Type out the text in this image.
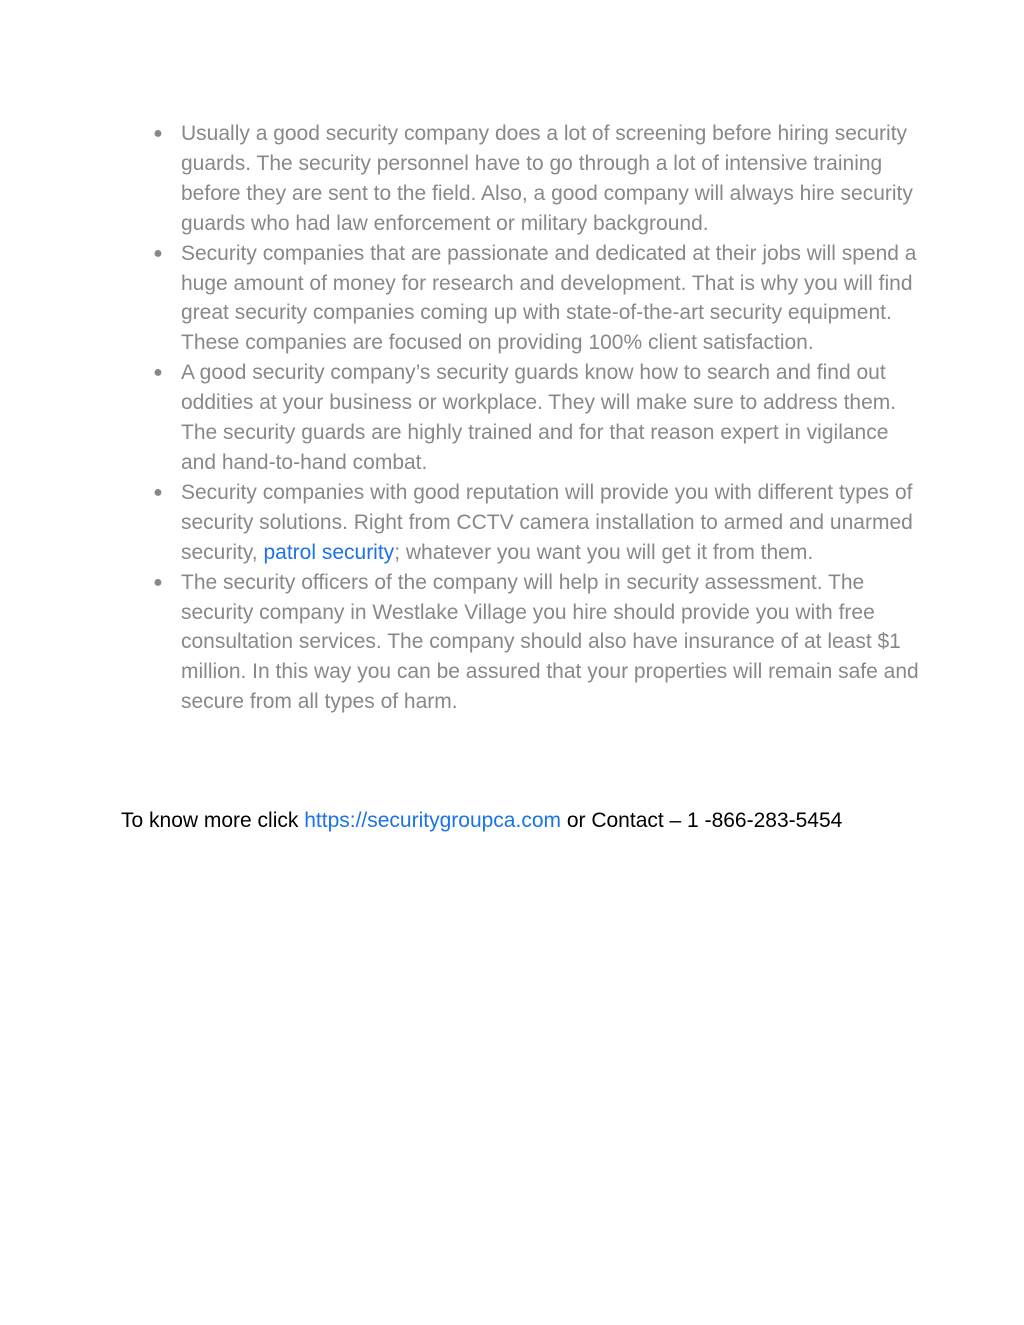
● Usually a good security company does a lot of screening before hiring security guards. The security personnel have to go through a lot of intensive training before they are sent to the field. Also, a good company will always hire security guards who had law enforcement or military background.
● Security companies that are passionate and dedicated at their jobs will spend a huge amount of money for research and development. That is why you will find great security companies coming up with state-of-the-art security equipment. These companies are focused on providing 100% client satisfaction.
● A good security company’s security guards know how to search and find out oddities at your business or workplace. They will make sure to address them. The security guards are highly trained and for that reason expert in vigilance and hand-to-hand combat.
● Security companies with good reputation will provide you with different types of security solutions. Right from CCTV camera installation to armed and unarmed security, patrol security; whatever you want you will get it from them.
● The security officers of the company will help in security assessment. The security company in Westlake Village you hire should provide you with free consultation services. The company should also have insurance of at least $1 million. In this way you can be assured that your properties will remain safe and secure from all types of harm.
To know more click https://securitygroupca.com or Contact – 1 -866-283-5454
